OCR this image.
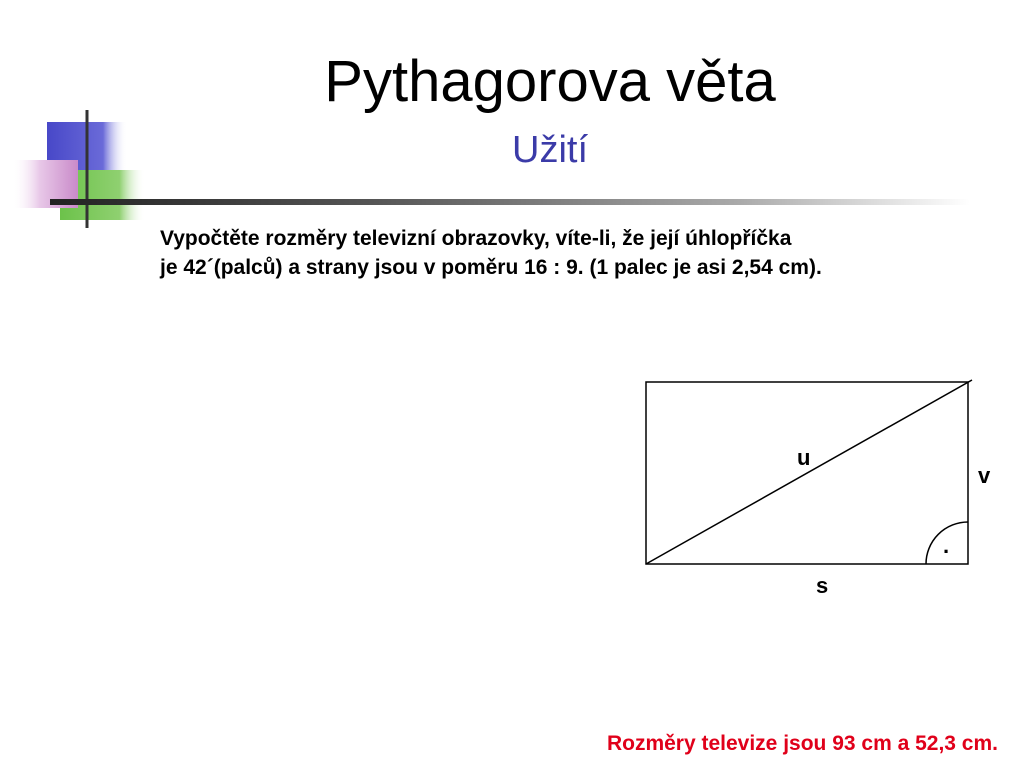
Pythagorova věta
Užití
Vypočtěte rozměry televizní obrazovky, víte-li, že její úhlopříčka
je 42´(palců) a strany jsou v poměru 16 : 9. (1 palec je asi 2,54 cm).
u
v
s
.
Rozměry televize jsou 93 cm a 52,3 cm.
